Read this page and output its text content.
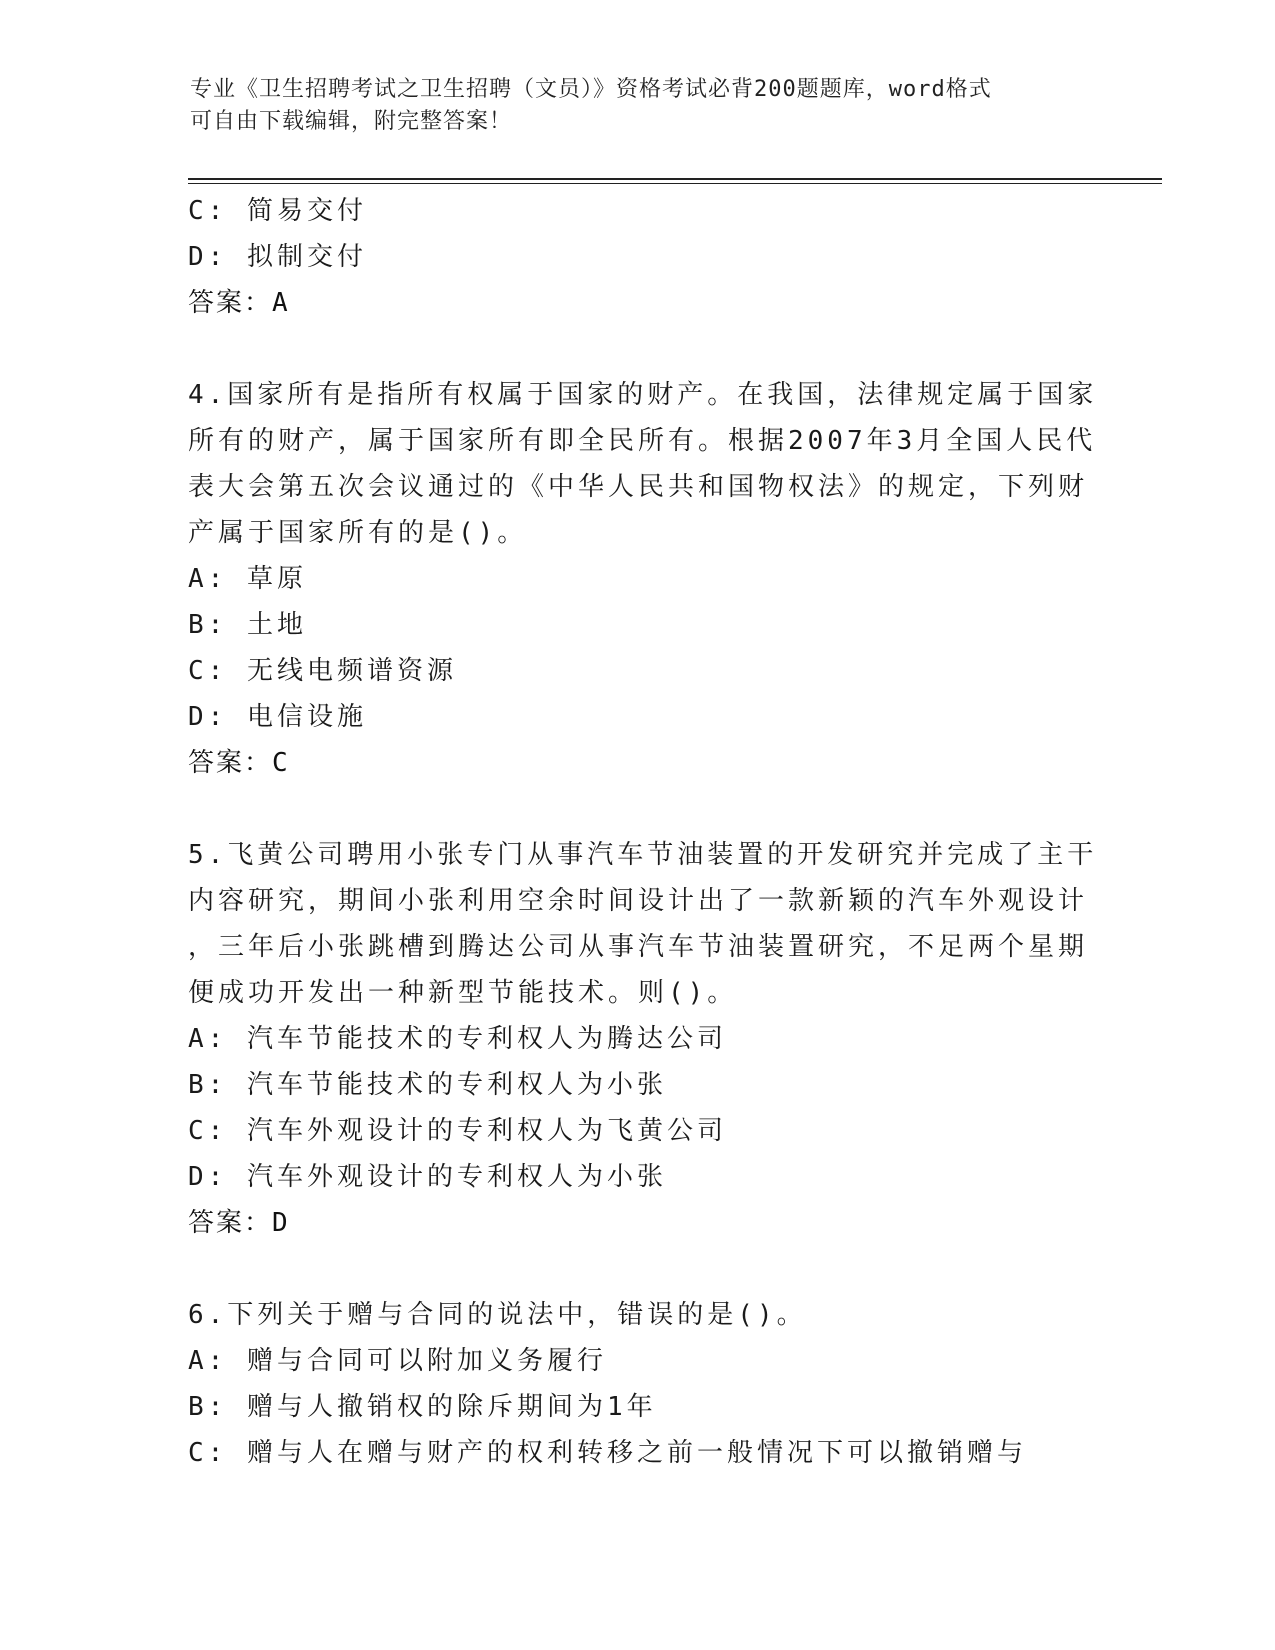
专业《卫生招聘考试之卫生招聘（文员）》资格考试必背200题题库，word格式
可自由下载编辑，附完整答案！
C: 简易交付
D: 拟制交付
答案：A
4.国家所有是指所有权属于国家的财产。在我国，法律规定属于国家
所有的财产，属于国家所有即全民所有。根据2007年3月全国人民代
表大会第五次会议通过的《中华人民共和国物权法》的规定，下列财
产属于国家所有的是()。
A: 草原
B: 土地
C: 无线电频谱资源
D: 电信设施
答案：C
5.飞黄公司聘用小张专门从事汽车节油装置的开发研究并完成了主干
内容研究，期间小张利用空余时间设计出了一款新颖的汽车外观设计
，三年后小张跳槽到腾达公司从事汽车节油装置研究，不足两个星期
便成功开发出一种新型节能技术。则()。
A: 汽车节能技术的专利权人为腾达公司
B: 汽车节能技术的专利权人为小张
C: 汽车外观设计的专利权人为飞黄公司
D: 汽车外观设计的专利权人为小张
答案：D
6.下列关于赠与合同的说法中，错误的是()。
A: 赠与合同可以附加义务履行
B: 赠与人撤销权的除斥期间为1年
C: 赠与人在赠与财产的权利转移之前一般情况下可以撤销赠与
